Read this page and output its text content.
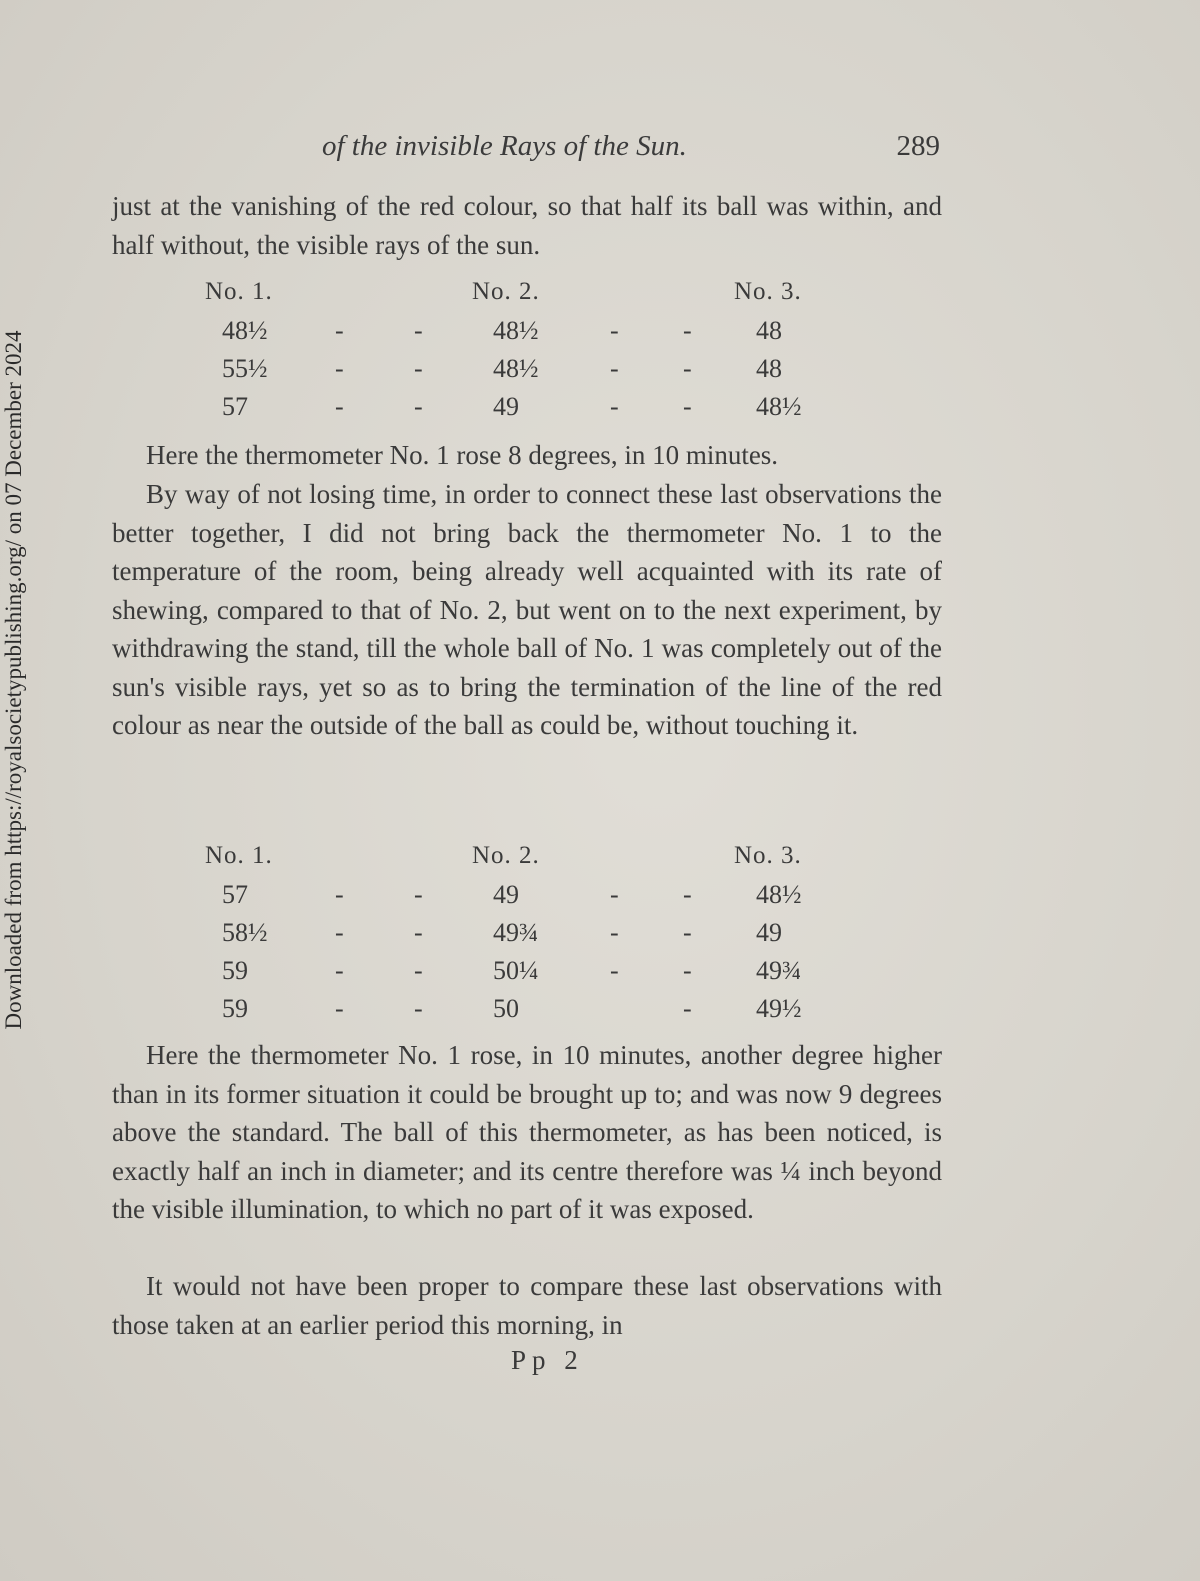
Downloaded from https://royalsocietypublishing.org/ on 07 December 2024
of the invisible Rays of the Sun.	289

just at the vanishing of the red colour, so that half its ball was within, and half without, the visible rays of the sun.

No. 1.	No. 2.	No. 3.
48½	-	-	48½	- - 48
55½	-	-	48½	- - 48
57	-	-	49	- - 48½

Here the thermometer No. 1 rose 8 degrees, in 10 minutes.

By way of not losing time, in order to connect these last observations the better together, I did not bring back the thermometer No. 1 to the temperature of the room, being already well acquainted with its rate of shewing, compared to that of No. 2, but went on to the next experiment, by withdrawing the stand, till the whole ball of No. 1 was completely out of the sun's visible rays, yet so as to bring the termination of the line of the red colour as near the outside of the ball as could be, without touching it.

No. 1.	No. 2.	No. 3.
57	-	-	49	- - 48½
58½	-	-	49¾	- - 49
59	-	-	50¼	- - 49¾
59	-	-	50	- 49½

Here the thermometer No. 1 rose, in 10 minutes, another degree higher than in its former situation it could be brought up to; and was now 9 degrees above the standard. The ball of this thermometer, as has been noticed, is exactly half an inch in diameter; and its centre therefore was ¼ inch beyond the visible illumination, to which no part of it was exposed.

It would not have been proper to compare these last observations with those taken at an earlier period this morning, in

Pp 2
